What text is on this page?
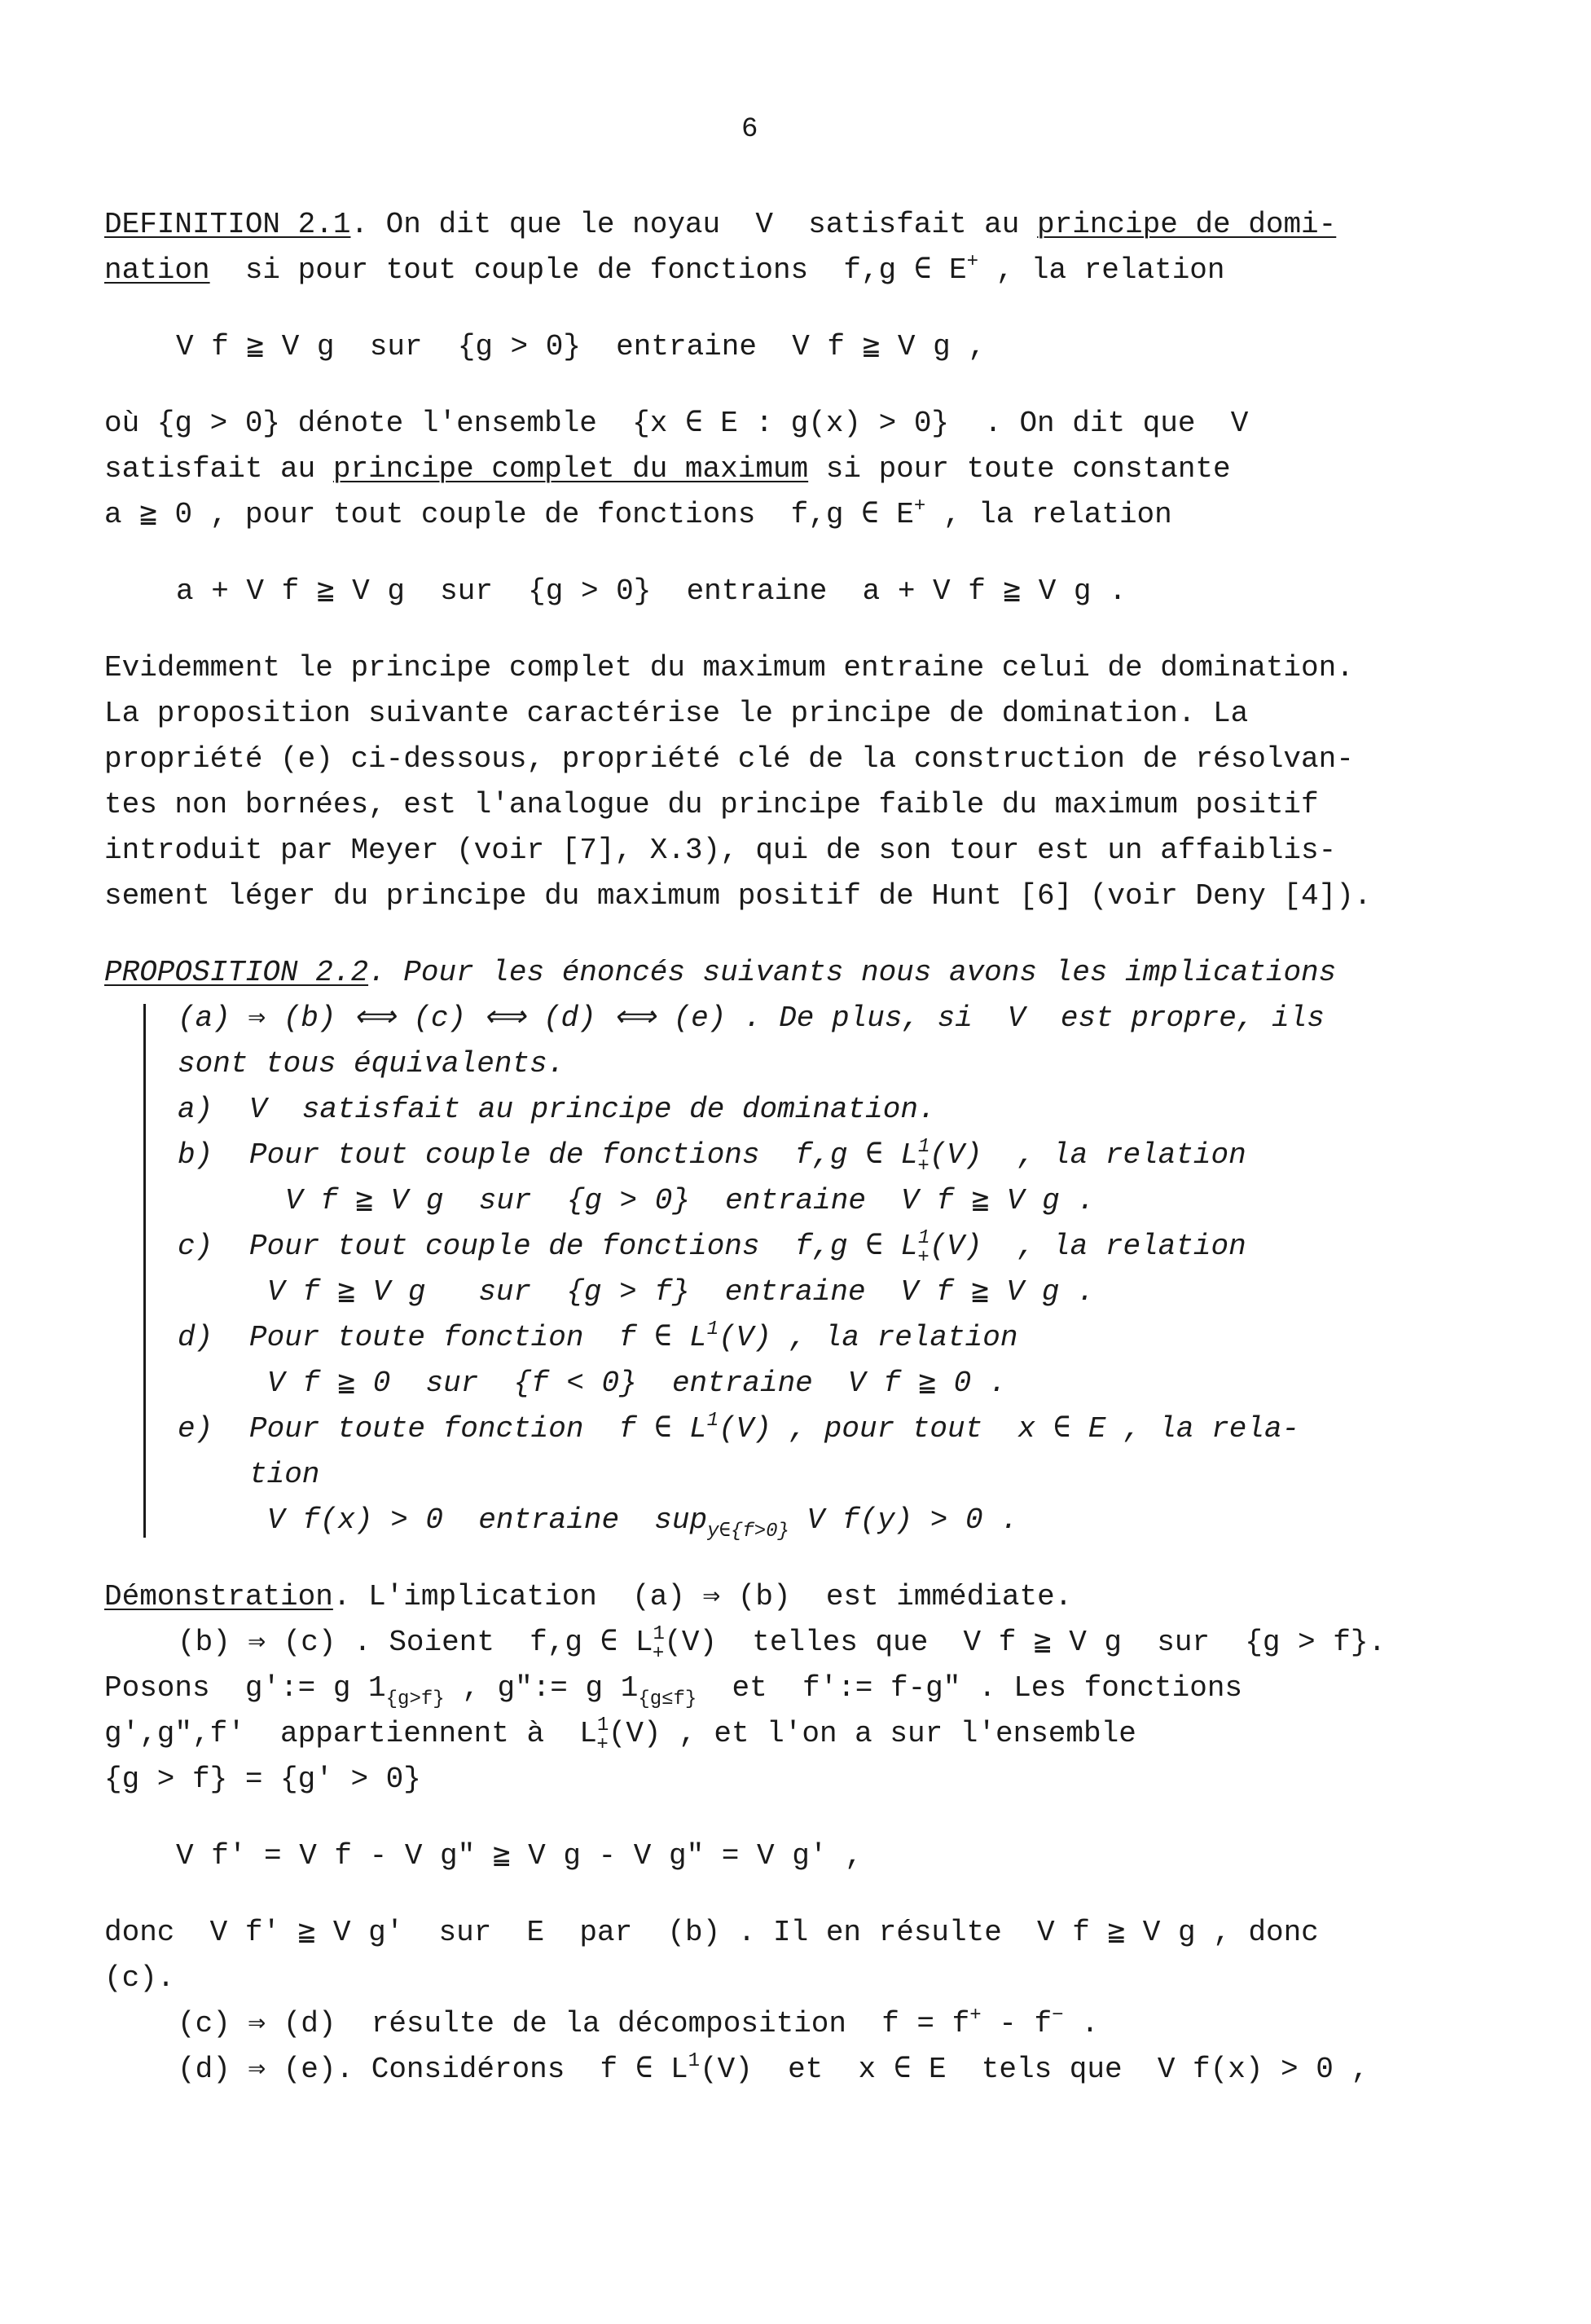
6
DEFINITION 2.1. On dit que le noyau  V  satisfait au principe de domi-
nation  si pour tout couple de fonctions  f,g ∈ E+ , la relation
V f ≧ V g  sur  {g > 0}  entraine  V f ≧ V g ,
où {g > 0} dénote l'ensemble  {x ∈ E : g(x) > 0}  . On dit que  V
satisfait au principe complet du maximum si pour toute constante
a ≧ 0 , pour tout couple de fonctions  f,g ∈ E+ , la relation
a + V f ≧ V g  sur  {g > 0}  entraine  a + V f ≧ V g .
Evidemment le principe complet du maximum entraine celui de domination.
La proposition suivante caractérise le principe de domination. La
propriété (e) ci-dessous, propriété clé de la construction de résolvan-
tes non bornées, est l'analogue du principe faible du maximum positif
introduit par Meyer (voir [7], X.3), qui de son tour est un affaiblis-
sement léger du principe du maximum positif de Hunt [6] (voir Deny [4]).
PROPOSITION 2.2. Pour les énoncés suivants nous avons les implications
(a) ⇒ (b) ⟺ (c) ⟺ (d) ⟺ (e) . De plus, si  V  est propre, ils
sont tous équivalents.
a) V  satisfait au principe de domination.
b) Pour tout couple de fonctions  f,g ∈ $L^1_+(V)$  , la relation
V f ≧ V g  sur  {g > 0}  entraine  V f ≧ V g .
c) Pour tout couple de fonctions  f,g ∈ $L^1_+(V)$  , la relation
V f ≧ V g   sur  {g > f}  entraine  V f ≧ V g .
d) Pour toute fonction  f ∈ $L^1(V)$ , la relation
V f ≧ 0  sur  {f < 0}  entraine  V f ≧ 0 .
e) Pour toute fonction  f ∈ $L^1(V)$ , pour tout  x ∈ E , la rela-
tion
V f(x) > 0  entraine  sup$_{y\in\{f>0\}}$ V f(y) > 0 .
Démonstration. L'implication  (a) ⇒ (b)  est immédiate.
(b) ⇒ (c) . Soient  f,g ∈ $L^1_+(V)$  telles que  V f ≧ V g  sur  {g > f}.
Posons  g':= g $1_{\{g>f\}}$ , g":= g $1_{\{g\le f\}}$  et  f':= f-g" . Les fonctions
g',g",f'  appartiennent à  $L^1_+(V)$ , et l'on a sur l'ensemble
{g > f} = {g' > 0}
V f' = V f - V g" ≧ V g - V g" = V g' ,
donc  V f' ≧ V g'  sur  E  par  (b) . Il en résulte  V f ≧ V g , donc
(c).
(c) ⇒ (d)  résulte de la décomposition  f = f+ - f− .
(d) ⇒ (e). Considérons  f ∈ $L^1(V)$  et  x ∈ E  tels que  V f(x) > 0 ,
